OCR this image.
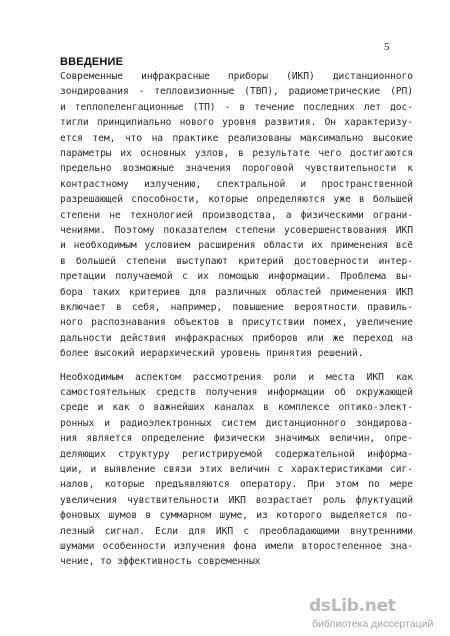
5
ВВЕДЕНИЕ
Современные инфракрасные приборы (ИКП) дистанционного
зондирования - тепловизионные (ТВП), радиометрические (РП)
и теплопеленгационные (ТП) - в течение последних лет дос-
тигли принципиально нового уровня развития. Он характеризу-
ется тем, что на практике реализованы максимально высокие
параметры их основных узлов, в результате чего достигаются
предельно возможные значения пороговой чувствительности к
контрастному излучению, спектральной и пространственной
разрешающей способности, которые определяются уже в большей
степени не технологией производства, а физическими ограни-
чениями. Поэтому показателем степени усовершенствования ИКП
и необходимым условием расширения области их применения всё
в большей степени выступают критерий достоверности интер-
претации получаемой с их помощью информации. Проблема вы-
бора таких критериев для различных областей применения ИКП
включает в себя, например, повышение вероятности правиль-
ного распознавания объектов в присутствии помех, увеличение
дальности действия инфракрасных приборов или же переход на
более высокий иерархический уровень принятия решений.
Необходимым аспектом рассмотрения роли и места ИКП как
самостоятельных средств получения информации об окружающей
среде и как о важнейших каналах в комплексе оптико-элект-
ронных и радиоэлектронных систем дистанционного зондирова-
ния является определение физически значимых величин, опре-
деляющих структуру регистрируемой содержательной информа-
ции, и выявление связи этих величин с характеристиками сиг-
налов, которые предъявляются оператору. При этом по мере
увеличения чувствительности ИКП возрастает роль флуктуаций
фоновых шумов в суммарном шуме, из которого выделяется по-
лезный сигнал. Если для ИКП с преобладающими внутренними
шумами особенности излучения фона имели второстепенное зна-
чение, то эффективность современных
dsLib.net
библиотека диссертаций
